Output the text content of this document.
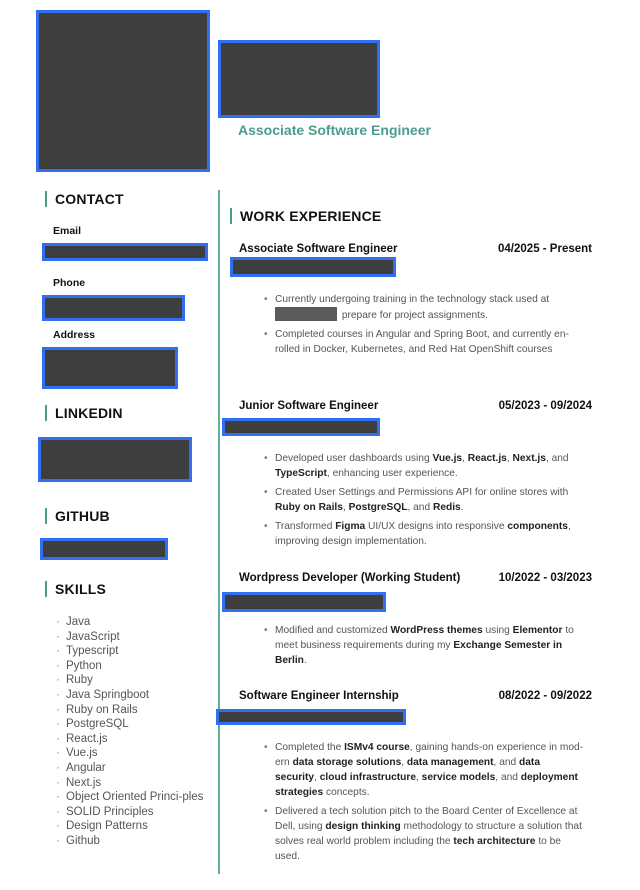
Associate Software Engineer
CONTACT
Email
Phone
Address
LINKEDIN
GITHUB
SKILLS
· Java
· JavaScript
· Typescript
· Python
· Ruby
· Java Springboot
· Ruby on Rails
· PostgreSQL
· React.js
· Vue.js
· Angular
· Next.js
· Object Oriented Princi-ples
· SOLID Principles
· Design Patterns
· Github
WORK EXPERIENCE
Associate Software Engineer	04/2025 - Present
• Currently undergoing training in the technology stack used at  prepare for project assignments.
• Completed courses in Angular and Spring Boot, and currently en-rolled in Docker, Kubernetes, and Red Hat OpenShift courses
Junior Software Engineer	05/2023 - 09/2024
• Developed user dashboards using Vue.js, React.js, Next.js, and TypeScript, enhancing user experience.
• Created User Settings and Permissions API for online stores with Ruby on Rails, PostgreSQL, and Redis.
• Transformed Figma UI/UX designs into responsive components, improving design implementation.
Wordpress Developer (Working Student)	10/2022 - 03/2023
• Modified and customized WordPress themes using Elementor to meet business requirements during my Exchange Semester in Berlin.
Software Engineer Internship	08/2022 - 09/2022
• Completed the ISMv4 course, gaining hands-on experience in mod-ern data storage solutions, data management, and data security, cloud infrastructure, service models, and deployment strategies concepts.
• Delivered a tech solution pitch to the Board Center of Excellence at Dell, using design thinking methodology to structure a solution that solves real world problem including the tech architecture to be used.
